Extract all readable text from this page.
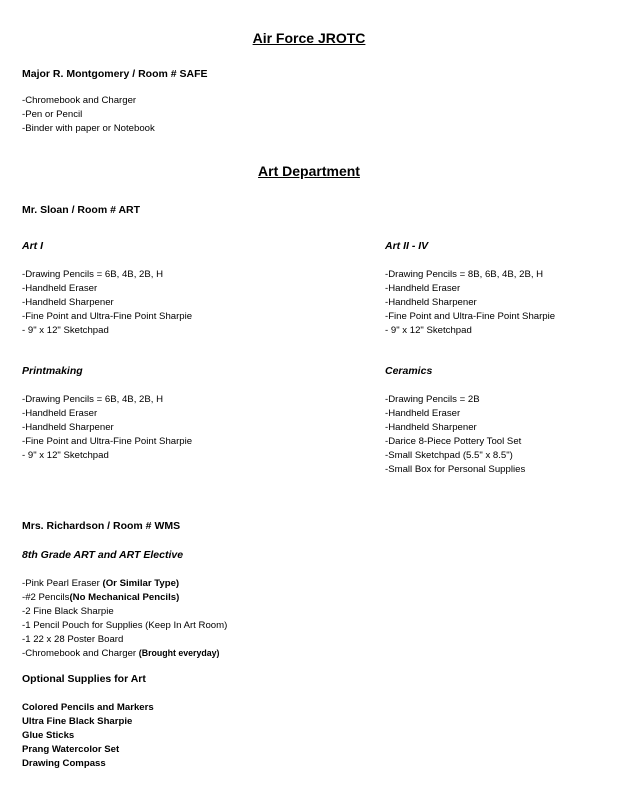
Air Force JROTC
Major R. Montgomery / Room # SAFE
-Chromebook and Charger
-Pen or Pencil
-Binder with paper or Notebook
Art Department
Mr. Sloan / Room # ART
Art I
-Drawing Pencils = 6B, 4B, 2B, H
-Handheld Eraser
-Handheld Sharpener
-Fine Point and Ultra-Fine Point Sharpie
- 9" x 12" Sketchpad
Art II - IV
-Drawing Pencils = 8B, 6B, 4B, 2B, H
-Handheld Eraser
-Handheld Sharpener
-Fine Point and Ultra-Fine Point Sharpie
- 9" x 12" Sketchpad
Printmaking
-Drawing Pencils = 6B, 4B, 2B, H
-Handheld Eraser
-Handheld Sharpener
-Fine Point and Ultra-Fine Point Sharpie
- 9" x 12" Sketchpad
Ceramics
-Drawing Pencils = 2B
-Handheld Eraser
-Handheld Sharpener
-Darice 8-Piece Pottery Tool Set
-Small Sketchpad (5.5" x 8.5")
-Small Box for Personal Supplies
Mrs. Richardson / Room # WMS
8th Grade ART and ART Elective
-Pink Pearl Eraser (Or Similar Type)
-#2 Pencils(No Mechanical Pencils)
-2 Fine Black Sharpie
-1 Pencil Pouch for Supplies (Keep In Art Room)
-1 22 x 28 Poster Board
-Chromebook and Charger (Brought everyday)
Optional Supplies for Art
Colored Pencils and Markers
Ultra Fine Black Sharpie
Glue Sticks
Prang Watercolor Set
Drawing Compass
